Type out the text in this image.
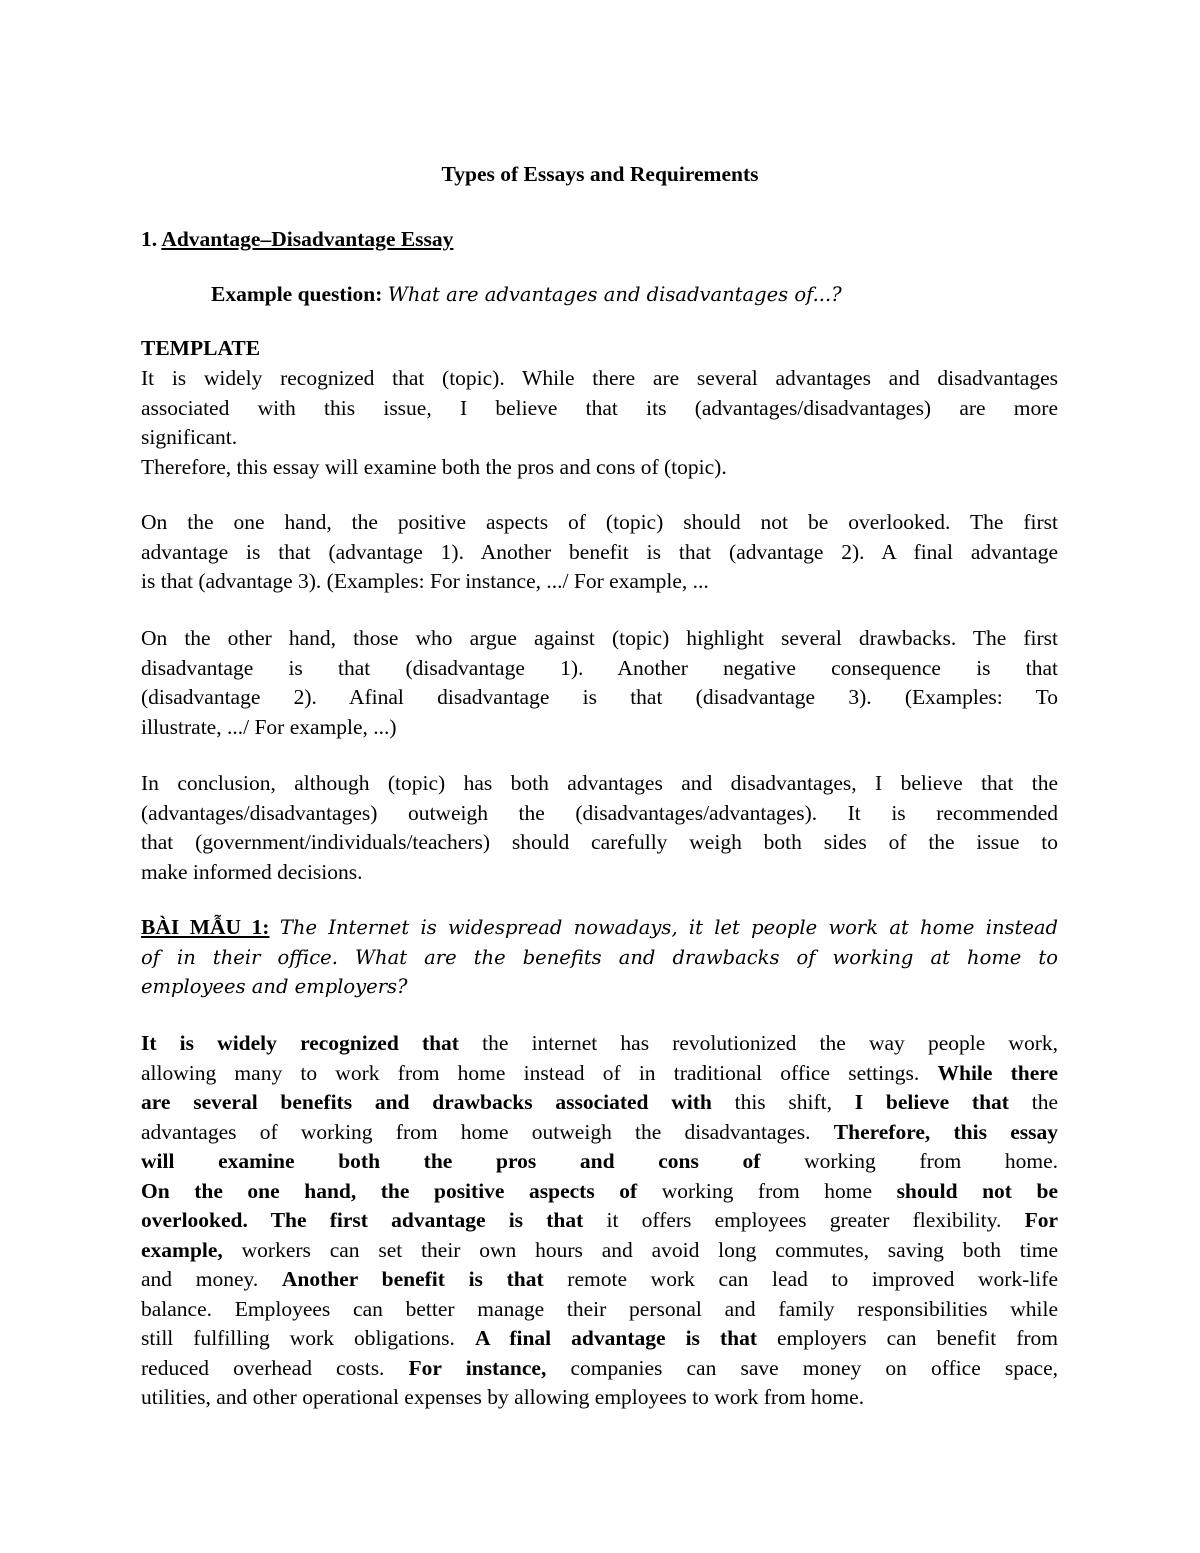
Types of Essays and Requirements
1. Advantage–Disadvantage Essay
Example question: What are advantages and disadvantages of...?
TEMPLATE
It is widely recognized that (topic). While there are several advantages and disadvantages
associated with this issue, I believe that its (advantages/disadvantages) are more
significant.
Therefore, this essay will examine both the pros and cons of (topic).
On the one hand, the positive aspects of (topic) should not be overlooked. The first
advantage is that (advantage 1). Another benefit is that (advantage 2). A final advantage
is that (advantage 3). (Examples: For instance, .../ For example, ...
On the other hand, those who argue against (topic) highlight several drawbacks. The first
disadvantage is that (disadvantage 1). Another negative consequence is that
(disadvantage 2). Afinal disadvantage is that (disadvantage 3). (Examples: To
illustrate, .../ For example, ...)
In conclusion, although (topic) has both advantages and disadvantages, I believe that the
(advantages/disadvantages) outweigh the (disadvantages/advantages). It is recommended
that (government/individuals/teachers) should carefully weigh both sides of the issue to
make informed decisions.
BÀI MẪU 1: The Internet is widespread nowadays, it let people work at home instead
of in their office. What are the benefits and drawbacks of working at home to
employees and employers?
It is widely recognized that the internet has revolutionized the way people work,
allowing many to work from home instead of in traditional office settings. While there
are several benefits and drawbacks associated with this shift, I believe that the
advantages of working from home outweigh the disadvantages. Therefore, this essay
will examine both the pros and cons of working from home.
On the one hand, the positive aspects of working from home should not be
overlooked. The first advantage is that it offers employees greater flexibility. For
example, workers can set their own hours and avoid long commutes, saving both time
and money. Another benefit is that remote work can lead to improved work-life
balance. Employees can better manage their personal and family responsibilities while
still fulfilling work obligations. A final advantage is that employers can benefit from
reduced overhead costs. For instance, companies can save money on office space,
utilities, and other operational expenses by allowing employees to work from home.
